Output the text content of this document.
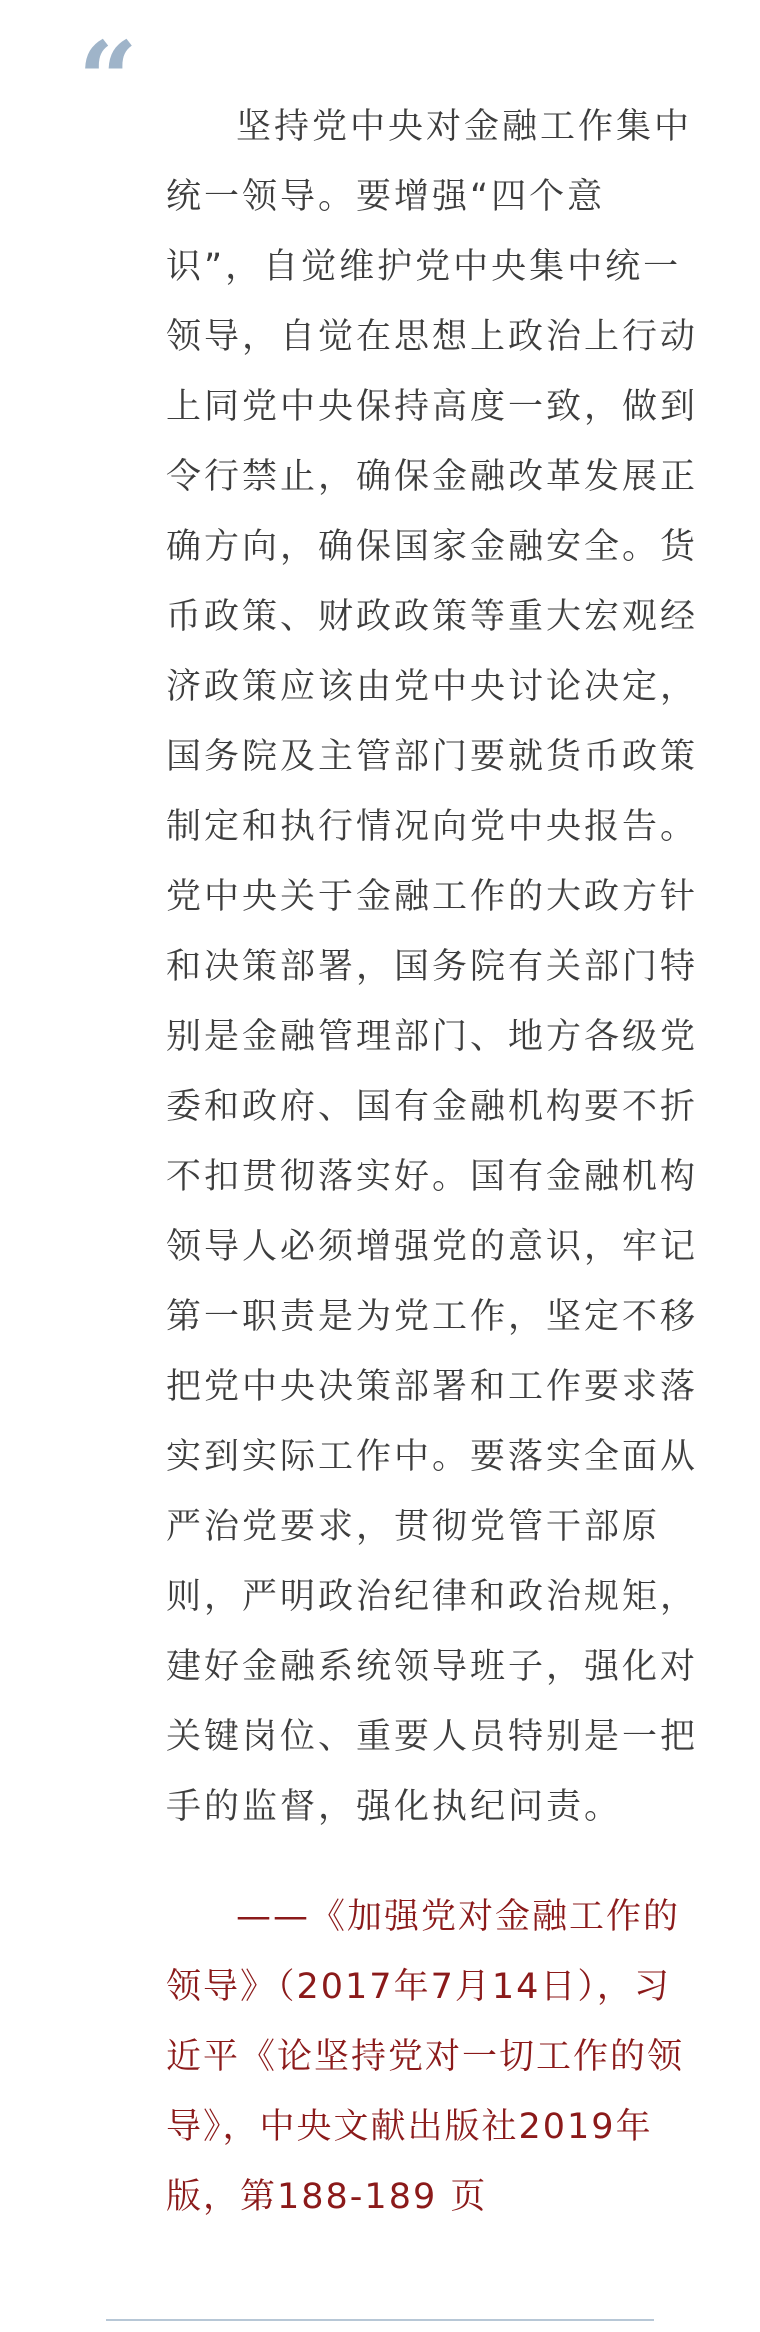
“	坚持党中央对金融工作集中
统一领导。要增强“四个意
识”，自觉维护党中央集中统一
领导，自觉在思想上政治上行动
上同党中央保持高度一致，做到
令行禁止，确保金融改革发展正
确方向，确保国家金融安全。货
币政策、财政政策等重大宏观经
济政策应该由党中央讨论决定，
国务院及主管部门要就货币政策
制定和执行情况向党中央报告。
党中央关于金融工作的大政方针
和决策部署，国务院有关部门特
别是金融管理部门、地方各级党
委和政府、国有金融机构要不折
不扣贯彻落实好。国有金融机构
领导人必须增强党的意识，牢记
第一职责是为党工作，坚定不移
把党中央决策部署和工作要求落
实到实际工作中。要落实全面从
严治党要求，贯彻党管干部原
则，严明政治纪律和政治规矩，
建好金融系统领导班子，强化对
关键岗位、重要人员特别是一把
手的监督，强化执纪问责。
——《加强党对金融工作的
领导》（2017年7月14日），习
近平《论坚持党对一切工作的领
导》，中央文献出版社2019年
版，第188-189 页
